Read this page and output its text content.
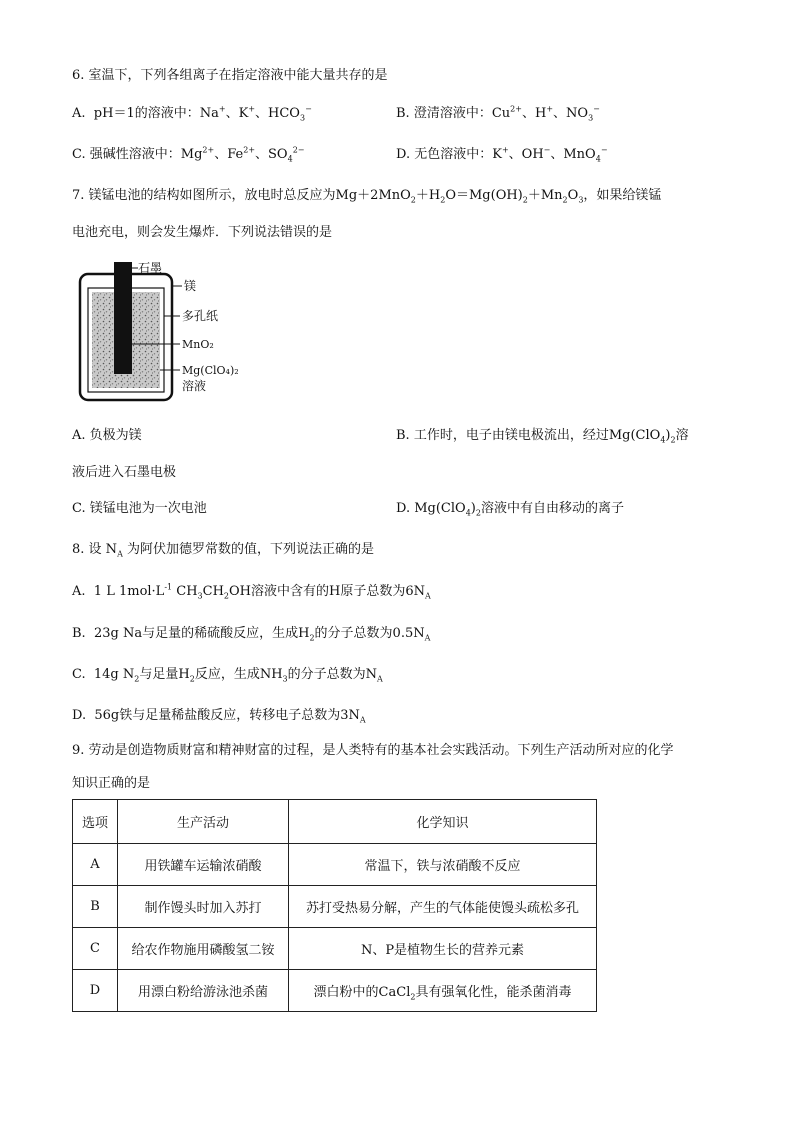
6. 室温下，下列各组离子在指定溶液中能大量共存的是
A.  pH＝1的溶液中：Na+、K+、$HCO_3^-$	B. 澄清溶液中：$Cu^{2+}$、H+、$NO_3^-$
C. 强碱性溶液中：$Mg^{2+}$、$Fe^{2+}$、$SO_4^{2-}$	D. 无色溶液中：K+、OH−、MnO$_4$−
7. 镁锰电池的结构如图所示，放电时总反应为$Mg+2MnO_2+H_2O=Mg(OH)_2+Mn_2O_3$，如果给镁锰
电池充电，则会发生爆炸．下列说法错误的是
石墨
镁
多孔纸
MnO₂
Mg(ClO₄)₂
溶液
A. 负极为镁	B. 工作时，电子由镁电极流出，经过$Mg(ClO_4)_2$溶
液后进入石墨电极
C. 镁锰电池为一次电池	D. $Mg(ClO_4)_2$溶液中有自由移动的离子
8. 设 $N_A$ 为阿伏加德罗常数的值，下列说法正确的是
A.  1 L $1mol\cdot L^{-1}$ $CH_3CH_2OH$溶液中含有的H原子总数为$6N_A$
B.  23g Na与足量的稀硫酸反应，生成$H_2$的分子总数为$0.5N_A$
C.  14g $N_2$与足量$H_2$反应，生成$NH_3$的分子总数为$N_A$
D.  56g铁与足量稀盐酸反应，转移电子总数为$3N_A$
9. 劳动是创造物质财富和精神财富的过程，是人类特有的基本社会实践活动。下列生产活动所对应的化学
知识正确的是
选项	生产活动	化学知识
A	用铁罐车运输浓硝酸	常温下，铁与浓硝酸不反应
B	制作馒头时加入苏打	苏打受热易分解，产生的气体能使馒头疏松多孔
C	给农作物施用磷酸氢二铵	N、P是植物生长的营养元素
D	用漂白粉给游泳池杀菌	漂白粉中的CaCl$_2$具有强氧化性，能杀菌消毒
